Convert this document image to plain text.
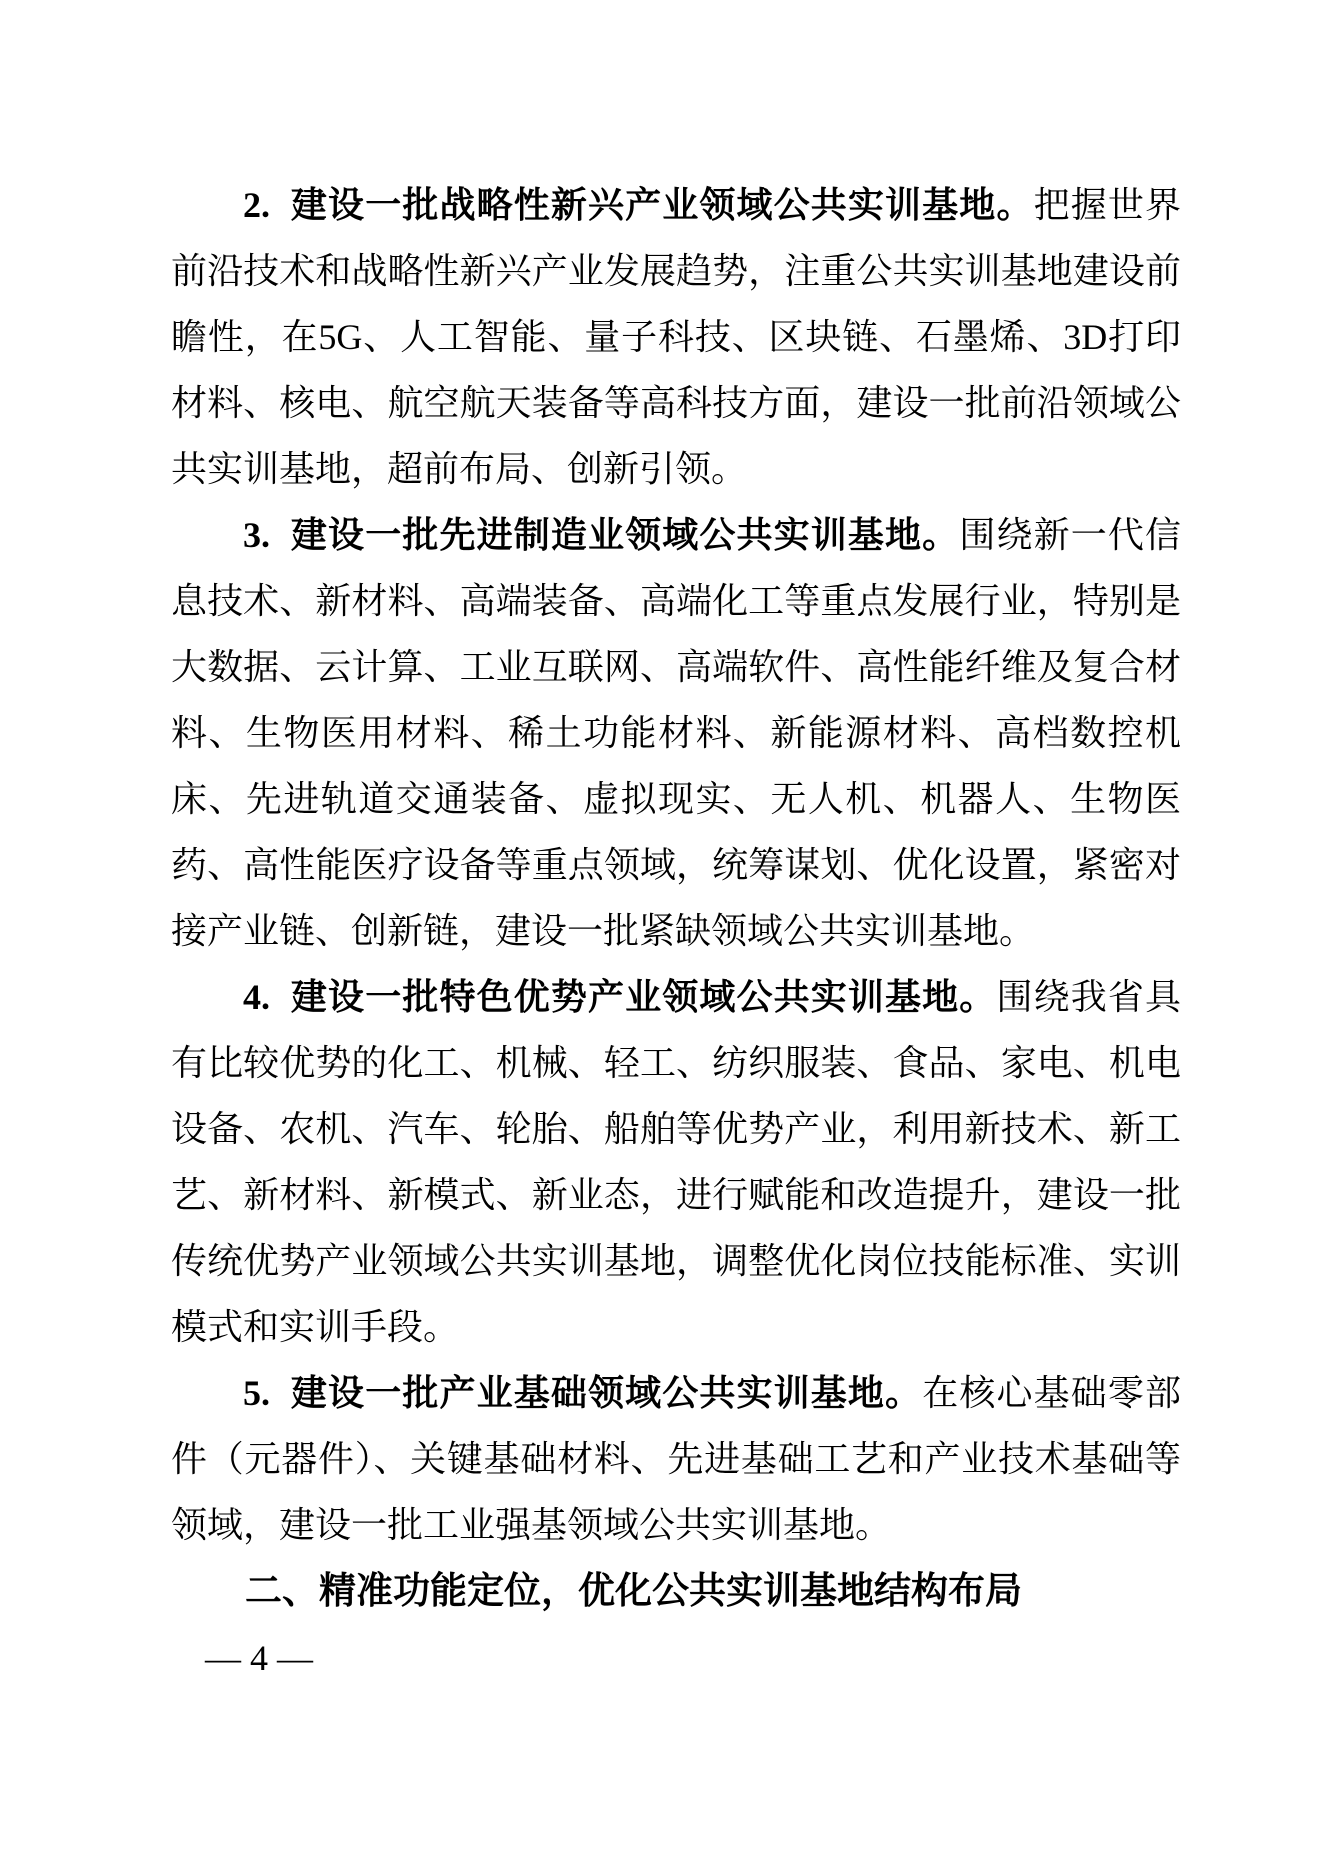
2. 建设一批战略性新兴产业领域公共实训基地。把握世界前沿技术和战略性新兴产业发展趋势，注重公共实训基地建设前瞻性，在5G、人工智能、量子科技、区块链、石墨烯、3D打印材料、核电、航空航天装备等高科技方面，建设一批前沿领域公共实训基地，超前布局、创新引领。

3. 建设一批先进制造业领域公共实训基地。围绕新一代信息技术、新材料、高端装备、高端化工等重点发展行业，特别是大数据、云计算、工业互联网、高端软件、高性能纤维及复合材料、生物医用材料、稀土功能材料、新能源材料、高档数控机床、先进轨道交通装备、虚拟现实、无人机、机器人、生物医药、高性能医疗设备等重点领域，统筹谋划、优化设置，紧密对接产业链、创新链，建设一批紧缺领域公共实训基地。

4. 建设一批特色优势产业领域公共实训基地。围绕我省具有比较优势的化工、机械、轻工、纺织服装、食品、家电、机电设备、农机、汽车、轮胎、船舶等优势产业，利用新技术、新工艺、新材料、新模式、新业态，进行赋能和改造提升，建设一批传统优势产业领域公共实训基地，调整优化岗位技能标准、实训模式和实训手段。

5. 建设一批产业基础领域公共实训基地。在核心基础零部件（元器件）、关键基础材料、先进基础工艺和产业技术基础等领域，建设一批工业强基领域公共实训基地。

二、精准功能定位，优化公共实训基地结构布局
— 4 —
